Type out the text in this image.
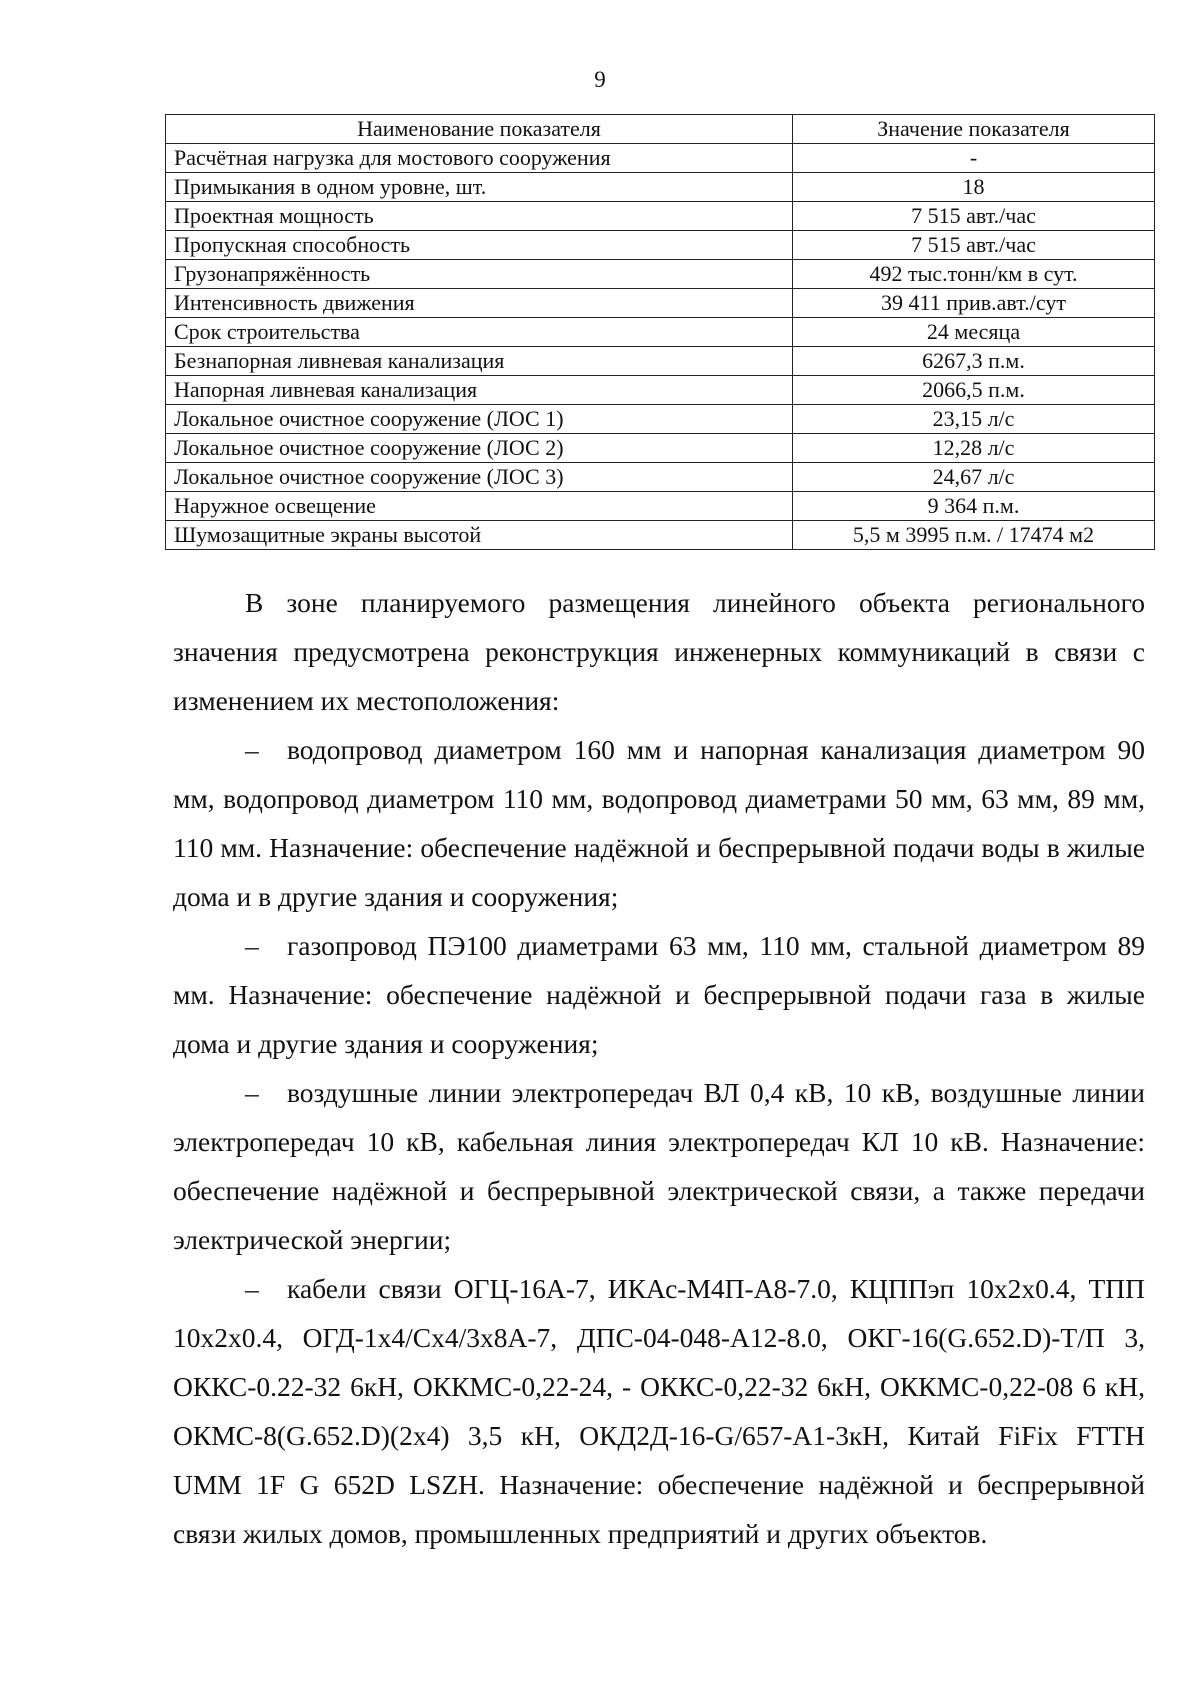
9
Наименование показателя	Значение показателя
Расчётная нагрузка для мостового сооружения	-
Примыкания в одном уровне, шт.	18
Проектная мощность	7 515 авт./час
Пропускная способность	7 515 авт./час
Грузонапряжённость	492 тыс.тонн/км в сут.
Интенсивность движения	39 411 прив.авт./сут
Срок строительства	24 месяца
Безнапорная ливневая канализация	6267,3 п.м.
Напорная ливневая канализация	2066,5 п.м.
Локальное очистное сооружение (ЛОС 1)	23,15 л/с
Локальное очистное сооружение (ЛОС 2)	12,28 л/с
Локальное очистное сооружение (ЛОС 3)	24,67 л/с
Наружное освещение	9 364 п.м.
Шумозащитные экраны высотой	5,5 м 3995 п.м. / 17474 м2

В зоне планируемого размещения линейного объекта регионального значения предусмотрена реконструкция инженерных коммуникаций в связи с изменением их местоположения:

– водопровод диаметром 160 мм и напорная канализация диаметром 90 мм, водопровод диаметром 110 мм, водопровод диаметрами 50 мм, 63 мм, 89 мм, 110 мм. Назначение: обеспечение надёжной и беспрерывной подачи воды в жилые дома и в другие здания и сооружения;

– газопровод ПЭ100 диаметрами 63 мм, 110 мм, стальной диаметром 89 мм. Назначение: обеспечение надёжной и беспрерывной подачи газа в жилые дома и другие здания и сооружения;

– воздушные линии электропередач ВЛ 0,4 кВ, 10 кВ, воздушные линии электропередач 10 кВ, кабельная линия электропередач КЛ 10 кВ. Назначение: обеспечение надёжной и беспрерывной электрической связи, а также передачи электрической энергии;

– кабели связи ОГЦ-16А-7, ИКАс-М4П-А8-7.0, КЦППэп 10х2х0.4, ТПП 10х2х0.4, ОГД-1х4/Сх4/3х8А-7, ДПС-04-048-А12-8.0, ОКГ-16(G.652.D)-Т/П 3, ОККС-0.22-32 6кН, ОККМС-0,22-24, - ОККС-0,22-32 6кН, ОККМС-0,22-08 6 кН, ОКМС-8(G.652.D)(2х4) 3,5 кН, ОКД2Д-16-G/657-А1-3кН, Китай FiFix FTTH UMM 1F G 652D LSZH. Назначение: обеспечение надёжной и беспрерывной связи жилых домов, промышленных предприятий и других объектов.
